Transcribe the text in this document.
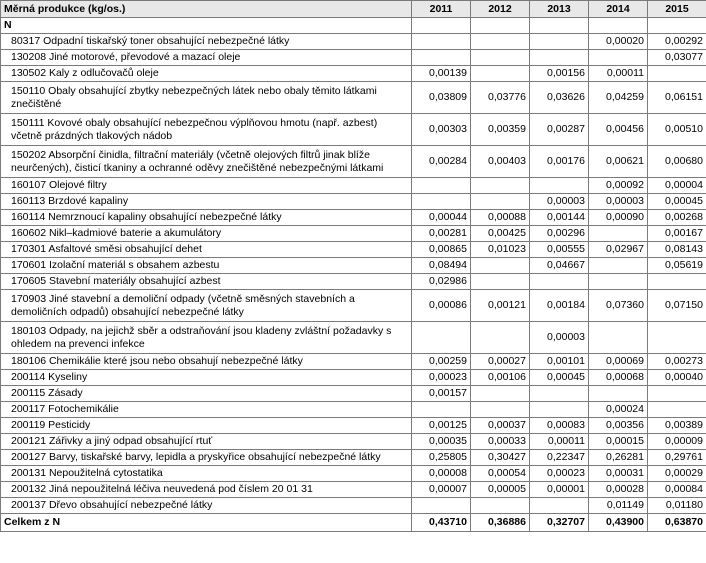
Měrná produkce (kg/os.)	2011	2012	2013	2014	2015
N					
80317 Odpadní tiskařský toner obsahující nebezpečné látky				0,00020	0,00292
130208 Jiné motorové, převodové a mazací oleje					0,03077
130502 Kaly z odlučovačů oleje	0,00139		0,00156	0,00011	
150110 Obaly obsahující zbytky nebezpečných látek nebo obaly těmito látkami znečištěné	0,03809	0,03776	0,03626	0,04259	0,06151
150111 Kovové obaly obsahující nebezpečnou výplňovou hmotu (např. azbest) včetně prázdných tlakových nádob	0,00303	0,00359	0,00287	0,00456	0,00510
150202 Absorpční činidla, filtrační materiály (včetně olejových filtrů jinak blíže neurčených), čisticí tkaniny a ochranné oděvy znečištěné nebezpečnými látkami	0,00284	0,00403	0,00176	0,00621	0,00680
160107 Olejové filtry				0,00092	0,00004
160113 Brzdové kapaliny			0,00003	0,00003	0,00045
160114 Nemrznoucí kapaliny obsahující nebezpečné látky	0,00044	0,00088	0,00144	0,00090	0,00268
160602 Nikl–kadmiové baterie a akumulátory	0,00281	0,00425	0,00296		0,00167
170301 Asfaltové směsi obsahující dehet	0,00865	0,01023	0,00555	0,02967	0,08143
170601 Izolační materiál s obsahem azbestu	0,08494		0,04667		0,05619
170605 Stavební materiály obsahující azbest	0,02986				
170903 Jiné stavební a demoliční odpady (včetně směsných stavebních a demoličních odpadů) obsahující nebezpečné látky	0,00086	0,00121	0,00184	0,07360	0,07150
180103 Odpady, na jejichž sběr a odstraňování jsou kladeny zvláštní požadavky s ohledem na prevenci infekce			0,00003		
180106 Chemikálie které jsou nebo obsahují nebezpečné látky	0,00259	0,00027	0,00101	0,00069	0,00273
200114 Kyseliny	0,00023	0,00106	0,00045	0,00068	0,00040
200115 Zásady	0,00157				
200117 Fotochemikálie				0,00024	
200119 Pesticidy	0,00125	0,00037	0,00083	0,00356	0,00389
200121 Zářivky a jiný odpad obsahující rtuť	0,00035	0,00033	0,00011	0,00015	0,00009
200127 Barvy, tiskařské barvy, lepidla a pryskyřice obsahující nebezpečné látky	0,25805	0,30427	0,22347	0,26281	0,29761
200131 Nepoužitelná cytostatika	0,00008	0,00054	0,00023	0,00031	0,00029
200132 Jiná nepoužitelná léčiva neuvedená pod číslem 20 01 31	0,00007	0,00005	0,00001	0,00028	0,00084
200137 Dřevo obsahující nebezpečné látky				0,01149	0,01180
Celkem z N	0,43710	0,36886	0,32707	0,43900	0,63870
